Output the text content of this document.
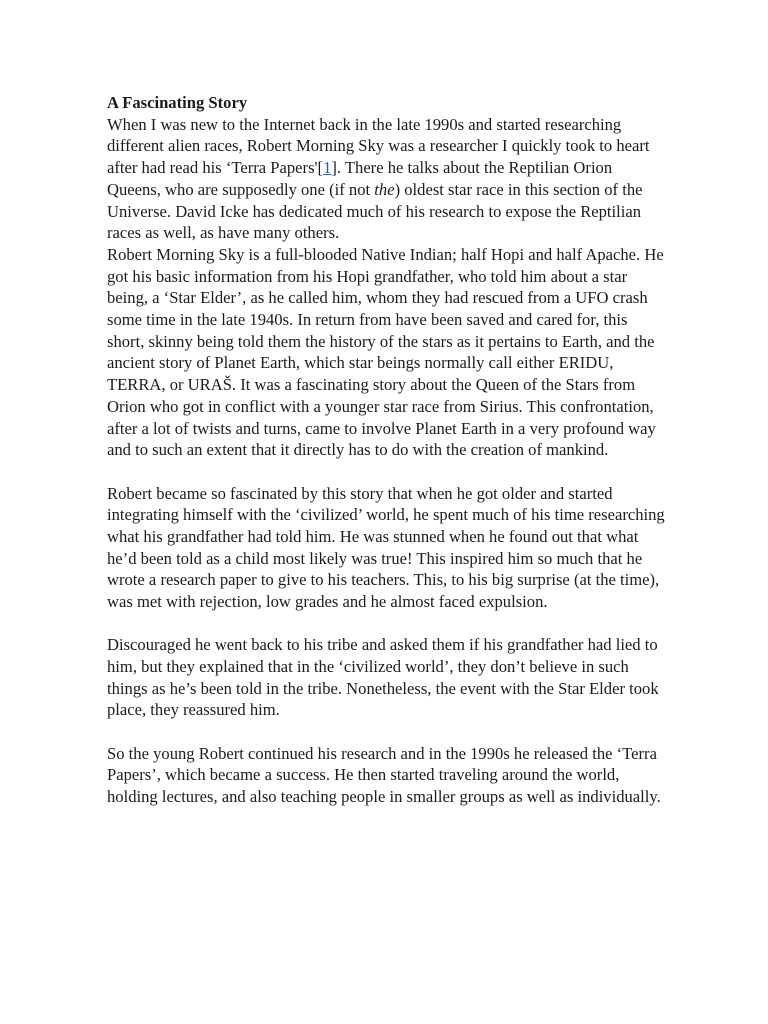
A Fascinating Story

When I was new to the Internet back in the late 1990s and started researching different alien races, Robert Morning Sky was a researcher I quickly took to heart after had read his ‘Terra Papers'[1]. There he talks about the Reptilian Orion Queens, who are supposedly one (if not the) oldest star race in this section of the Universe. David Icke has dedicated much of his research to expose the Reptilian races as well, as have many others.

Robert Morning Sky is a full-blooded Native Indian; half Hopi and half Apache. He got his basic information from his Hopi grandfather, who told him about a star being, a ‘Star Elder’, as he called him, whom they had rescued from a UFO crash some time in the late 1940s. In return from have been saved and cared for, this short, skinny being told them the history of the stars as it pertains to Earth, and the ancient story of Planet Earth, which star beings normally call either ERIDU, TERRA, or URAŠ. It was a fascinating story about the Queen of the Stars from Orion who got in conflict with a younger star race from Sirius. This confrontation, after a lot of twists and turns, came to involve Planet Earth in a very profound way and to such an extent that it directly has to do with the creation of mankind.

Robert became so fascinated by this story that when he got older and started integrating himself with the ‘civilized’ world, he spent much of his time researching what his grandfather had told him. He was stunned when he found out that what he’d been told as a child most likely was true! This inspired him so much that he wrote a research paper to give to his teachers. This, to his big surprise (at the time), was met with rejection, low grades and he almost faced expulsion.

Discouraged he went back to his tribe and asked them if his grandfather had lied to him, but they explained that in the ‘civilized world’, they don’t believe in such things as he’s been told in the tribe. Nonetheless, the event with the Star Elder took place, they reassured him.

So the young Robert continued his research and in the 1990s he released the ‘Terra Papers’, which became a success. He then started traveling around the world, holding lectures, and also teaching people in smaller groups as well as individually.
